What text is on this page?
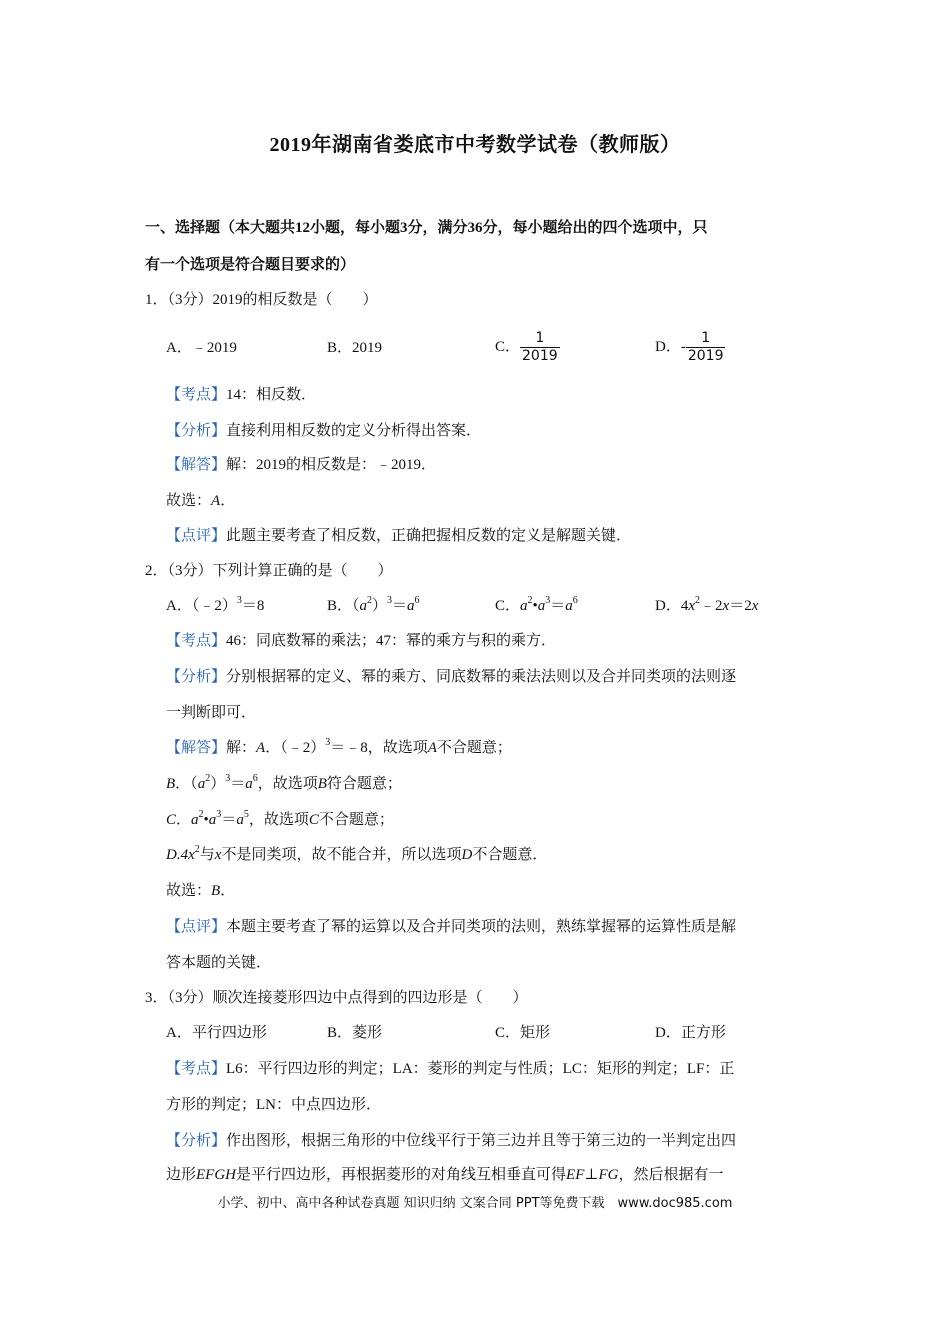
2019年湖南省娄底市中考数学试卷（教师版）
一、选择题（本大题共12小题，每小题3分，满分36分，每小题给出的四个选项中，只
有一个选项是符合题目要求的）
1．（3分）2019的相反数是（　　）
A．﹣2019	B．2019	C． $\frac{1}{2019}$	D．- $\frac{1}{2019}$
【考点】14：相反数．
【分析】直接利用相反数的定义分析得出答案．
【解答】解：2019的相反数是：﹣2019．
故选：A．
【点评】此题主要考查了相反数，正确把握相反数的定义是解题关键．
2．（3分）下列计算正确的是（　　）
A．（﹣2）$^3$＝8	B．$(a^2)^3=a^6$	C．$a^2•a^3=a^6$	D．$4x^2﹣2x=2x$
【考点】46：同底数幂的乘法；47：幂的乘方与积的乘方．
【分析】分别根据幂的定义、幂的乘方、同底数幂的乘法法则以及合并同类项的法则逐
一判断即可．
【解答】解：A．（﹣2）$^3$＝﹣8，故选项A不合题意；
B．$(a^2)^3=a^6$，故选项B符合题意；
C．$a^2•a^3=a^5$，故选项C不合题意；
$D.4x^2$与x不是同类项，故不能合并，所以选项D不合题意．
故选：B．
【点评】本题主要考查了幂的运算以及合并同类项的法则，熟练掌握幂的运算性质是解
答本题的关键．
3．（3分）顺次连接菱形四边中点得到的四边形是（　　）
A．平行四边形	B．菱形	C．矩形	D．正方形
【考点】L6：平行四边形的判定；LA：菱形的判定与性质；LC：矩形的判定；LF：正
方形的判定；LN：中点四边形．
【分析】作出图形，根据三角形的中位线平行于第三边并且等于第三边的一半判定出四
边形EFGH是平行四边形，再根据菱形的对角线互相垂直可得EF⊥FG，然后根据有一
小学、初中、高中各种试卷真题 知识归纳 文案合同 PPT等免费下载　www.doc985.com
